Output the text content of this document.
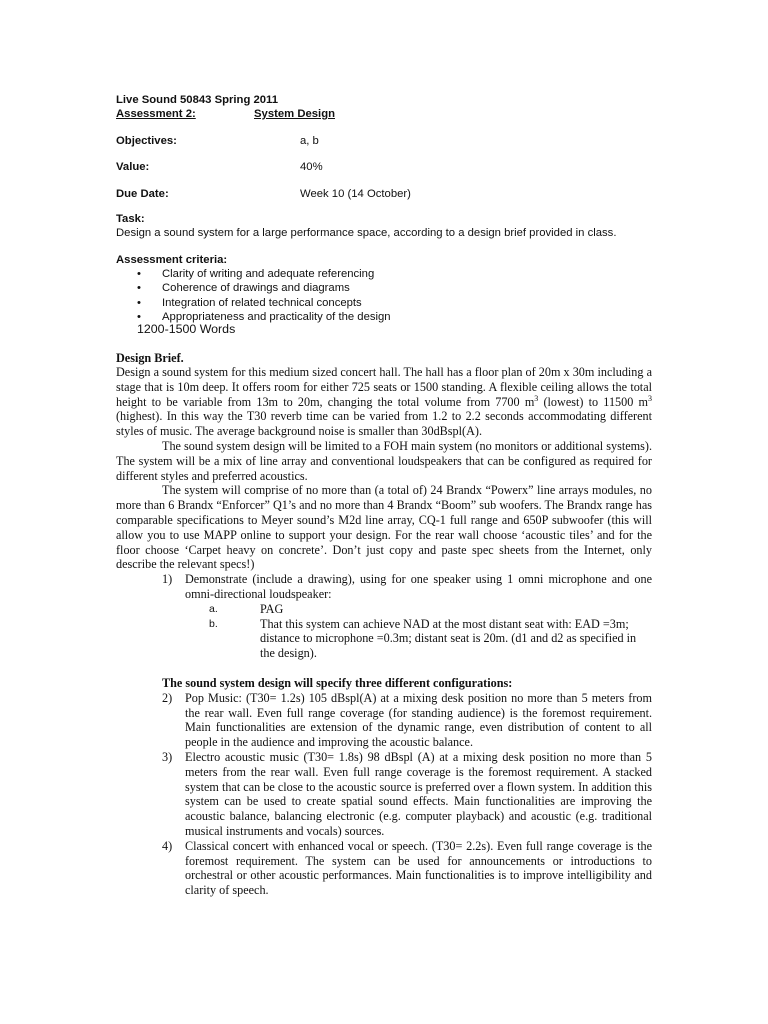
Live Sound 50843 Spring 2011
Assessment 2:	System Design
Objectives:	a, b
Value:	40%
Due Date:	Week 10 (14 October)
Task:
Design a sound system for a large performance space, according to a design brief provided in class.
Assessment criteria:
•	Clarity of writing and adequate referencing
•	Coherence of drawings and diagrams
•	Integration of related technical concepts
•	Appropriateness and practicality of the design
1200-1500 Words
Design Brief.

Design a sound system for this medium sized concert hall. The hall has a floor plan of 20m x 30m including a stage that is 10m deep. It offers room for either 725 seats or 1500 standing. A flexible ceiling allows the total height to be variable from 13m to 20m, changing the total volume from 7700 $m^3$ (lowest) to 11500 $m^3$ (highest). In this way the T30 reverb time can be varied from 1.2 to 2.2 seconds accommodating different styles of music. The average background noise is smaller than 30dBspl(A).

The sound system design will be limited to a FOH main system (no monitors or additional systems). The system will be a mix of line array and conventional loudspeakers that can be configured as required for different styles and preferred acoustics.

The system will comprise of no more than (a total of) 24 Brandx “Powerx” line arrays modules, no more than 6 Brandx “Enforcer” Q1’s and no more than 4 Brandx “Boom” sub woofers. The Brandx range has comparable specifications to Meyer sound’s M2d line array, CQ-1 full range and 650P subwoofer (this will allow you to use MAPP online to support your design. For the rear wall choose ‘acoustic tiles’ and for the floor choose ‘Carpet heavy on concrete’. Don’t just copy and paste spec sheets from the Internet, only describe the relevant specs!)

1) Demonstrate (include a drawing), using for one speaker using 1 omni microphone and one omni-directional loudspeaker:

a.	PAG

b.	That this system can achieve NAD at the most distant seat with: EAD =3m; distance to microphone =0.3m; distant seat is 20m. (d1 and d2 as specified in the design).

The sound system design will specify three different configurations:

2) Pop Music: (T30= 1.2s) 105 dBspl(A) at a mixing desk position no more than 5 meters from the rear wall. Even full range coverage (for standing audience) is the foremost requirement. Main functionalities are extension of the dynamic range, even distribution of content to all people in the audience and improving the acoustic balance.

3) Electro acoustic music (T30= 1.8s) 98 dBspl (A) at a mixing desk position no more than 5 meters from the rear wall. Even full range coverage is the foremost requirement. A stacked system that can be close to the acoustic source is preferred over a flown system. In addition this system can be used to create spatial sound effects. Main functionalities are improving the acoustic balance, balancing electronic (e.g. computer playback) and acoustic (e.g. traditional musical instruments and vocals) sources.

4) Classical concert with enhanced vocal or speech. (T30= 2.2s). Even full range coverage is the foremost requirement. The system can be used for announcements or introductions to orchestral or other acoustic performances. Main functionalities is to improve intelligibility and clarity of speech.
